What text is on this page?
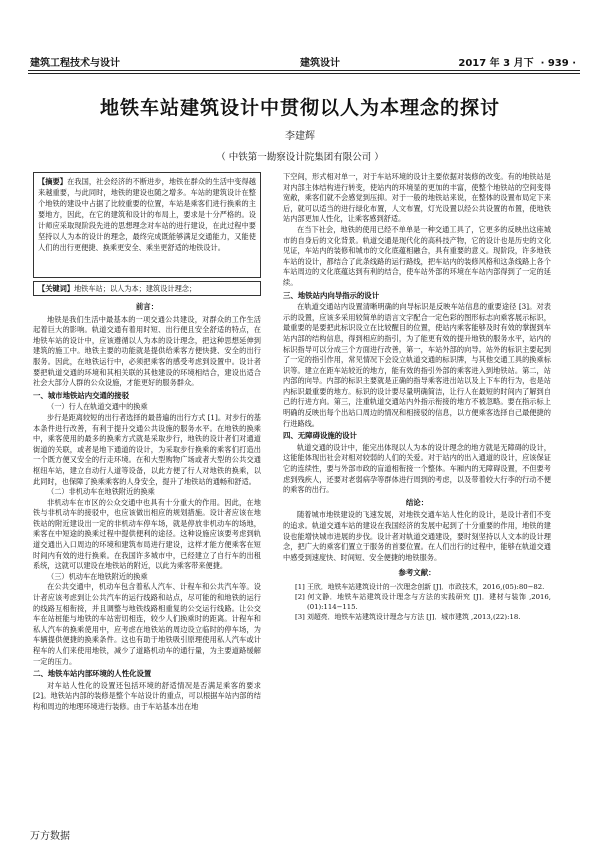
建筑工程技术与设计	建筑设计	2017 年 3 月下 · 939 ·
地铁车站建筑设计中贯彻以人为本理念的探讨
李建辉
（ 中铁第一勘察设计院集团有限公司 ）

【摘要】在我国，社会经济的不断进步，地铁在群众的生活中变得越来越重要，与此同时，地铁的建设也随之增多。车站的建筑设计在整个地铁的建设中占据了比较重要的位置，车站是乘客们进行换乘的主要地方，因此，在它的建筑和设计的布局上，要求是十分严格的。设计师应采取现阶段先进的思想理念对车站的进行建设，在此过程中要坚持以人为本的设计的理念，最终完成既能够满足交通能力，又能使人们的出行更便捷、换乘更安全、乘坐更舒适的地铁设计。

【关键词】地铁车站；以人为本；建筑设计理念；

前言：

地铁是我们生活中最基本的一项交通公共建设，对群众的工作生活起着巨大的影响。轨道交通有着用时短、出行便且安全舒适的特点，在地铁车站的设计中，应该遵循以人为本的设计理念，把这种思想延伸到建筑的施工中。地铁主要的功能就是提供给乘客方便快捷、安全的出行服务。因此，在地铁运行中，必须把乘客的感受考虑到设置中。设计者要把轨道交通的环境和其相关联的其他建设的环境相结合，建设出适合社会大部分人群的公众设施，才能更好的服务群众。

一、城市地铁站内交通的接驳

（一）行人在轨道交通中的换乘

步行是距离较短的出行者选择的最普遍的出行方式 [1]。对步行的基本条件进行改善，有利于提升交通公共设施的服务水平。在地铁的换乘中，乘客使用的最多的换乘方式就是采取步行，地铁的设计者们对通道街道的关联，或者是地下通道的设计，为采取步行换乘的乘客们打造出一个既方便又安全的行走环境。在和大型购物广场或者大型的公共交通枢纽车站，建立自动行人道等设备，以此方便了行人对地铁的换乘，以此同时，也保障了换乘乘客的人身安全，提升了地铁站的通畅和舒适。

（二）非机动车在地铁附近的换乘

非机动车在市区的公众交通中也具有十分重大的作用。因此，在地铁与非机动车的接驳中，也应该做出相应的规划措施。设计者应该在地铁站的附近建设出一定的非机动车停车场，就是停放非机动车的场地，乘客在中短途的换乘过程中提供便利的途径。这种设施应该要考虑到轨道交通出入口周边的环境和建筑布局进行建设，这样才能方便乘客在短时间内有效的进行换乘。在我国许多城市中，已经建立了自行车的出租系统，这就可以建设在地铁站的附近，以此为乘客带来便捷。

（三）机动车在地铁附近的换乘

在公共交通中，机动车包含着私人汽车、计程车和公共汽车等。设计者应该考虑到让公共汽车的运行线路和站点，尽可能的和地铁的运行的线路互相衔接，并且调整与地铁线路相重复的公交运行线路。让公交车在站桩能与地铁的车站密切相连，较少人们换乘时的距离。计程车和私人汽车的换乘使用中，应考虑在地铁站的周边设立临时的停车场，为车辆提供便捷的换乘条件。这也有助于地铁吸引原理使用私人汽车或计程车的人们来使用地铁，减少了道路机动车的通行量，为主要道路缓解一定的压力。

二、地铁车站内部环境的人性化设置

对车站人性化的设置还包括环境的舒适情况是否满足乘客的要求 [2]。地铁站内部的装修是整个车站设计的重点，可以根据车站内部的结构和周边的地理环境进行装修。由于车站基本出在地

下空间，形式相对单一，对于车站环境的设计主要依据对装修的改变。有的地铁站是对内部主体结构进行转变，使站内的环境显的更加的丰富，使整个地铁站的空间变得宽敞，乘客们就不会感觉到压抑。对于一般的地铁站来说，在整体的设置布局定下来后，就可以适当的进行绿化布置，人文布置，灯光设置以经公共设置的布置，使地铁站内部更加人性化，让乘客感到舒适。

在当下社会，地铁的使用已经不单单是一种交通工具了，它更多的反映出这座城市的自身后的文化背景。轨道交通是现代化的高科技产物，它的设计也是历史的文化见证，车站内的装修和城市的文化底蕴相融合，具有重要的意义。现阶段，许多地铁车站的设计，都结合了此条线路的运行路线，把车站内的装修风格和这条线路上各个车站周边的文化底蕴达到有利的结合，使车站外部的环境在车站内部得到了一定的延续。

三、地铁站内向导指示的设计

在轨道交通站内设置清晰明确的向导标识是反映车站信息的重要途径 [3]。对表示的设置，应该多采用较简单的语言文字配合一定色彩的图形标志向乘客展示标识，最重要的是要把此标识设立在比较醒目的位置，使站内乘客能够及时有效的掌握到车站内部的结构信息，得到相应的指引，为了能更有效的提升地铁的服务水平，站内的标识指导可以分成三个方面进行改善，第一，车站外部的向导。站外的标识主要起到了一定的指引作用，常见情况下会设立轨道交通的标识牌，与其他交通工具的换乘标识等。建立在距车站较近的地方，能有效的指引外部的乘客进入到地铁站。第二，站内部的向导。内部的标识主要就是正确的指导乘客进出站以及上下车的行为，也是站内标识最重要的地方。标识的设计要尽量明确简洁，让行人在最短的时间内了解到自己的行进方向。第三，注重轨道交通站内外指示衔接的地方不被忽略。要在指示标上明确的反映出每个出站口周边的情况和相接驳的信息，以方便乘客选择自己最便捷的行进路线。

四、无障碍设施的设计

轨道交通的设计中，能完出体现以人为本的设计理念的地方就是无障碍的设计，这能能体现出社会对相对较弱的人们的关爱。对于站内的出入通道的设计，应该保证它的连续性，要与外部市政的盲道相衔接一个整体。车厢内的无障碍设置，不但要考虑到残疾人，还要对老弱病孕等群体进行周到的考虑，以及带着较大行李的行动不便的乘客的出行。

结论：

随着城市地铁建设的飞速发展，对地铁交通车站人性化的设计，是设计者们不变的追求。轨道交通车站的建设在我国经济的发展中起到了十分重要的作用，地铁的建设也能增快城市进展的步伐。设计者对轨道交通建设，要时刻坚持以人文本的设计理念，把广大的乘客们置立于服务的首要位置。在人们出行的过程中，能够在轨道交通中感受到速度快、时间短、安全便捷的地铁服务。

参考文献：

[1] 王欣．地铁车站建筑设计的一次理念创新 [J]．市政技术，2016,(05):80−82.

[2] 何文静．地铁车站建筑设计理念与方法的实践研究 [J]．建材与装饰 ,2016,(01):114−115.

[3] 刘超亮．地铁车站建筑设计理念与方法 [J]．城市建筑 ,2013,(22):18.

万方数据
